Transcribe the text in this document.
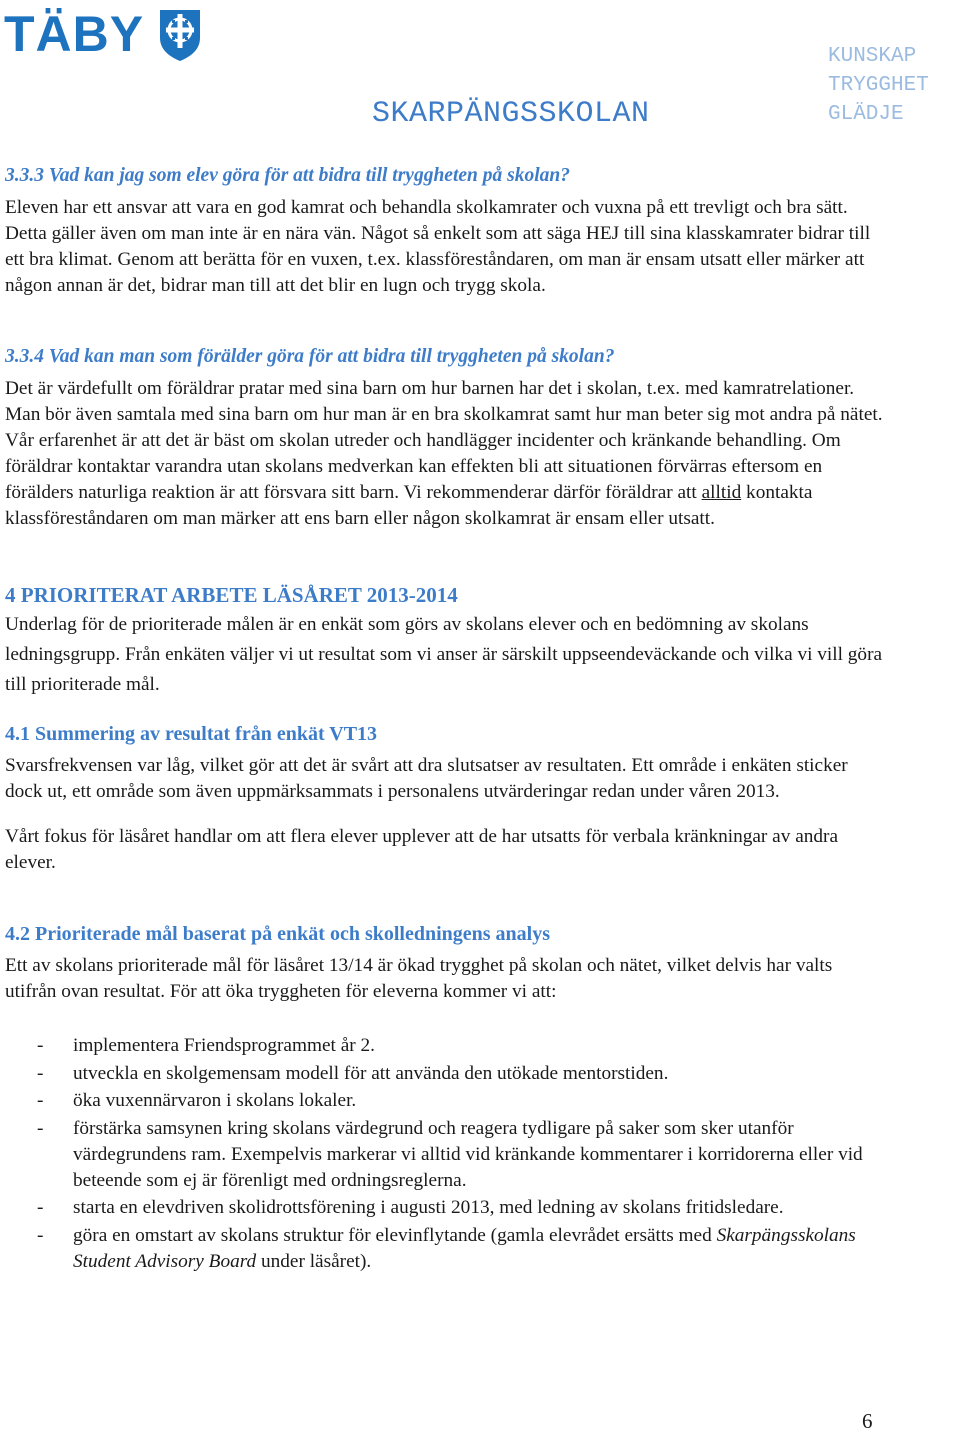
TÄBY
SKARPÄNGSSKOLAN
KUNSKAP
TRYGGHET
GLÄDJE
3.3.3 Vad kan jag som elev göra för att bidra till tryggheten på skolan?

Eleven har ett ansvar att vara en god kamrat och behandla skolkamrater och vuxna på ett trevligt och bra sätt. Detta gäller även om man inte är en nära vän. Något så enkelt som att säga HEJ till sina klasskamrater bidrar till ett bra klimat. Genom att berätta för en vuxen, t.ex. klassföreståndaren, om man är ensam utsatt eller märker att någon annan är det, bidrar man till att det blir en lugn och trygg skola.

3.3.4 Vad kan man som förälder göra för att bidra till tryggheten på skolan?

Det är värdefullt om föräldrar pratar med sina barn om hur barnen har det i skolan, t.ex. med kamratrelationer. Man bör även samtala med sina barn om hur man är en bra skolkamrat samt hur man beter sig mot andra på nätet. Vår erfarenhet är att det är bäst om skolan utreder och handlägger incidenter och kränkande behandling. Om föräldrar kontaktar varandra utan skolans medverkan kan effekten bli att situationen förvärras eftersom en förälders naturliga reaktion är att försvara sitt barn. Vi rekommenderar därför föräldrar att alltid kontakta klassföreståndaren om man märker att ens barn eller någon skolkamrat är ensam eller utsatt.

4 PRIORITERAT ARBETE LÄSÅRET 2013-2014

Underlag för de prioriterade målen är en enkät som görs av skolans elever och en bedömning av skolans ledningsgrupp. Från enkäten väljer vi ut resultat som vi anser är särskilt uppseendeväckande och vilka vi vill göra till prioriterade mål.

4.1 Summering av resultat från enkät VT13

Svarsfrekvensen var låg, vilket gör att det är svårt att dra slutsatser av resultaten. Ett område i enkäten sticker dock ut, ett område som även uppmärksammats i personalens utvärderingar redan under våren 2013.

Vårt fokus för läsåret handlar om att flera elever upplever att de har utsatts för verbala kränkningar av andra elever.

4.2 Prioriterade mål baserat på enkät och skolledningens analys

Ett av skolans prioriterade mål för läsåret 13/14 är ökad trygghet på skolan och nätet, vilket delvis har valts utifrån ovan resultat. För att öka tryggheten för eleverna kommer vi att:

- implementera Friendsprogrammet år 2.
- utveckla en skolgemensam modell för att använda den utökade mentorstiden.
- öka vuxennärvaron i skolans lokaler.
- förstärka samsynen kring skolans värdegrund och reagera tydligare på saker som sker utanför värdegrundens ram. Exempelvis markerar vi alltid vid kränkande kommentarer i korridorerna eller vid beteende som ej är förenligt med ordningsreglerna.
- starta en elevdriven skolidrottsförening i augusti 2013, med ledning av skolans fritidsledare.
- göra en omstart av skolans struktur för elevinflytande (gamla elevrådet ersätts med Skarpängsskolans Student Advisory Board under läsåret).
6
